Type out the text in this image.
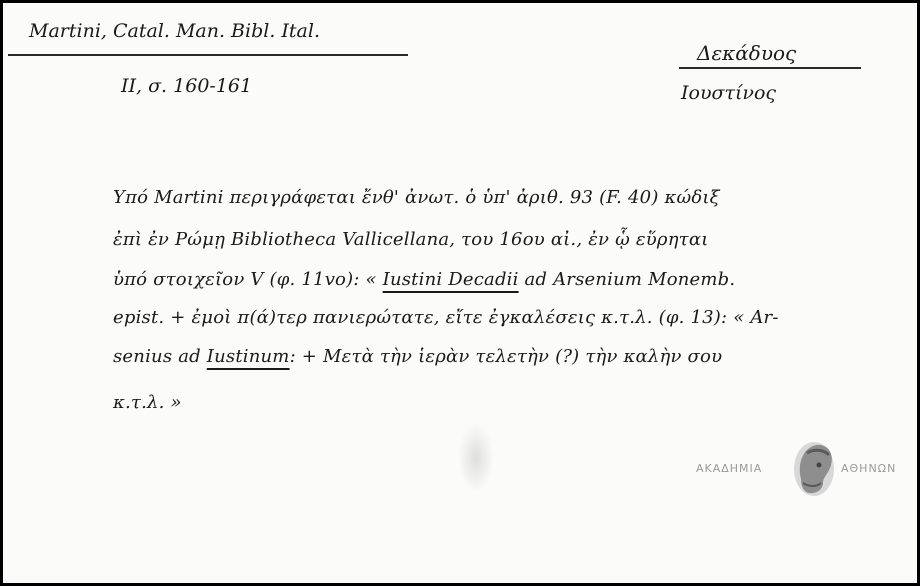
Martini, Catal. Man. Bibl. Ital.
II, σ. 160-161
Δεκάδυος
Ιουστίνος
Υπό Martini περιγράφεται ἔνθ' ἀνωτ. ὁ ὑπ' ἀριθ. 93 (F. 40) κώδιξ
ἐπὶ ἐν Ρώμῃ Bibliotheca Vallicellana, του 16ου αἰ., ἐν ᾧ εὕρηται
ὑπό στοιχεῖον V (φ. 11vo): « Iustini Decadii ad Arsenium Monemb.
epist. + ἐμοὶ π(ά)τερ πανιερώτατε, εἴτε ἐγκαλέσεις κ.τ.λ. (φ. 13): « Ar-
senius ad Iustinum: + Μετὰ τὴν ἱερὰν τελετὴν (?) τὴν καλὴν σου
κ.τ.λ. »
ΑΚΑΔΗΜΙΑ	ΑΘΗΝΩΝ
